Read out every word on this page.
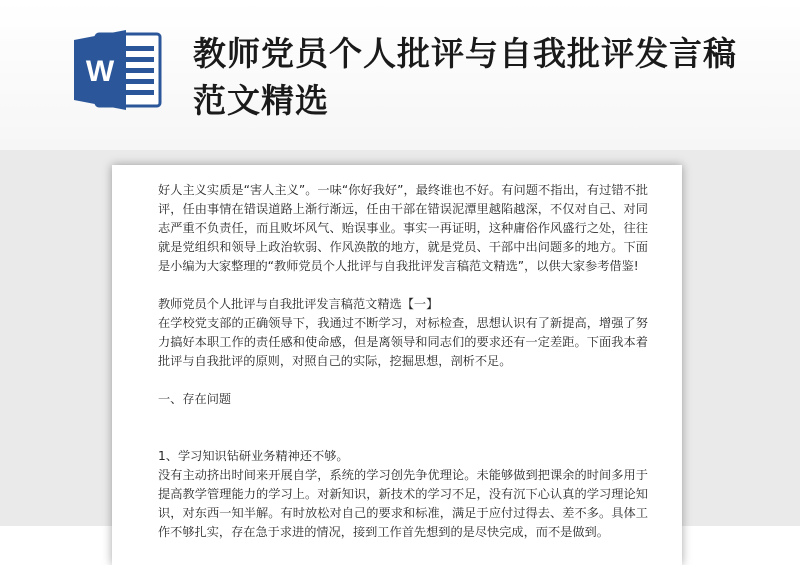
W 教师党员个人批评与自我批评发言稿范文精选

好人主义实质是“害人主义”。一味“你好我好”，最终谁也不好。有问题不指出，有过错不批评，任由事情在错误道路上渐行渐远，任由干部在错误泥潭里越陷越深，不仅对自己、对同志严重不负责任，而且败坏风气、贻误事业。事实一再证明，这种庸俗作风盛行之处，往往就是党组织和领导上政治软弱、作风涣散的地方，就是党员、干部中出问题多的地方。下面是小编为大家整理的“教师党员个人批评与自我批评发言稿范文精选”，以供大家参考借鉴!

教师党员个人批评与自我批评发言稿范文精选【一】

在学校党支部的正确领导下，我通过不断学习，对标检查，思想认识有了新提高，增强了努力搞好本职工作的责任感和使命感，但是离领导和同志们的要求还有一定差距。下面我本着批评与自我批评的原则，对照自己的实际，挖掘思想，剖析不足。

一、存在问题

1、学习知识钻研业务精神还不够。

没有主动挤出时间来开展自学，系统的学习创先争优理论。未能够做到把课余的时间多用于提高教学管理能力的学习上。对新知识，新技术的学习不足，没有沉下心认真的学习理论知识，对东西一知半解。有时放松对自己的要求和标准，满足于应付过得去、差不多。具体工作不够扎实，存在急于求进的情况，接到工作首先想到的是尽快完成，而不是做到。
